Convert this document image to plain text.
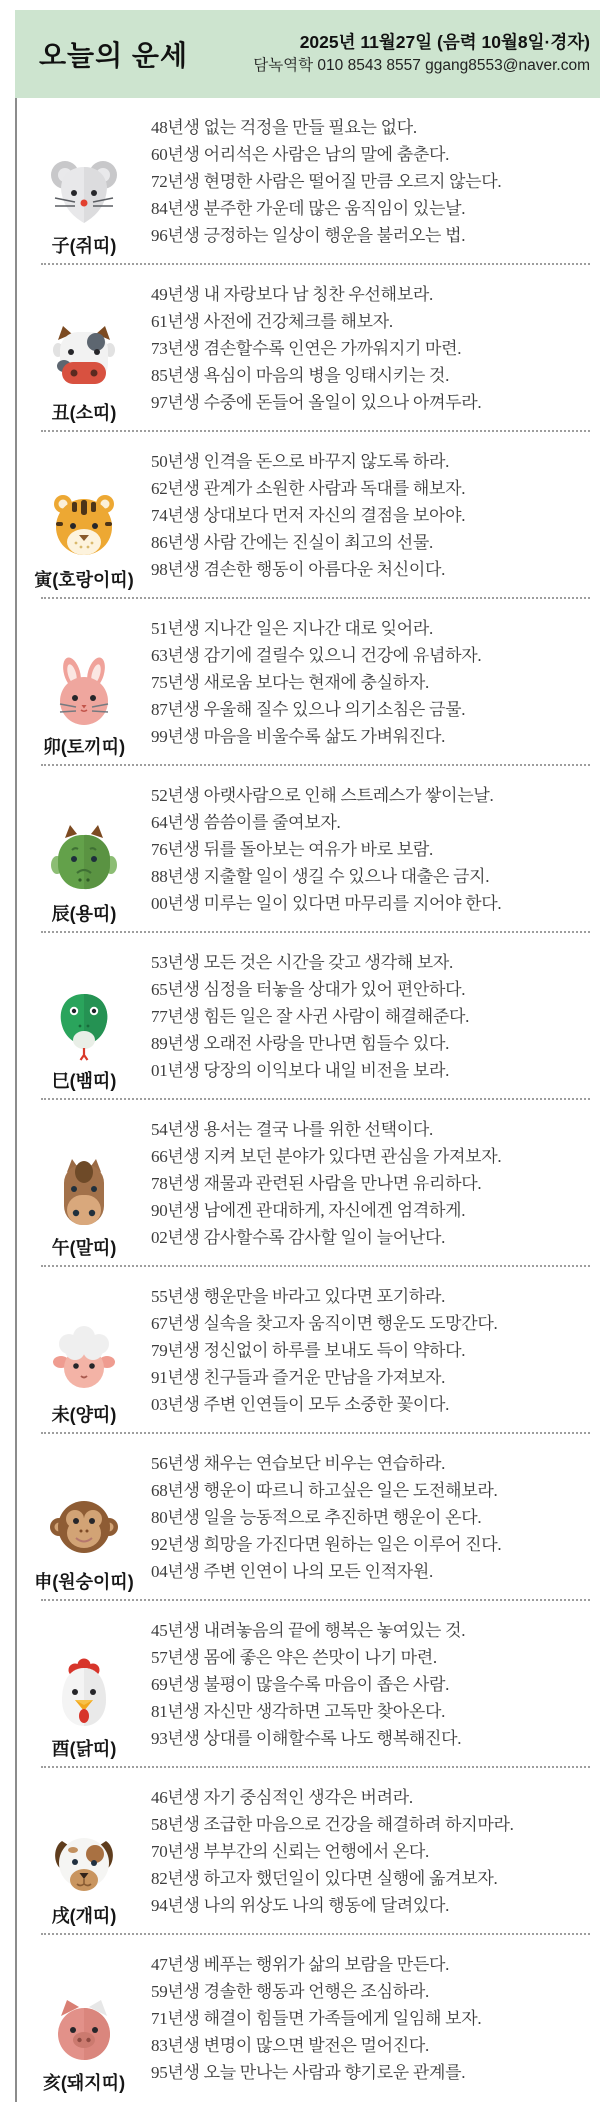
오늘의 운세	2025년 11월27일 (음력 10월8일·경자)
담녹역학 010 8543 8557 ggang8553@naver.com
子(쥐띠)

48년생 없는 걱정을 만들 필요는 없다.

60년생 어리석은 사람은 남의 말에 춤춘다.

72년생 현명한 사람은 떨어질 만큼 오르지 않는다.

84년생 분주한 가운데 많은 움직임이 있는날.

96년생 긍정하는 일상이 행운을 불러오는 법.

丑(소띠)

49년생 내 자랑보다 남 칭찬 우선해보라.

61년생 사전에 건강체크를 해보자.

73년생 겸손할수록 인연은 가까워지기 마련.

85년생 욕심이 마음의 병을 잉태시키는 것.

97년생 수중에 돈들어 올일이 있으나 아껴두라.

寅(호랑이띠)

50년생 인격을 돈으로 바꾸지 않도록 하라.

62년생 관계가 소원한 사람과 독대를 해보자.

74년생 상대보다 먼저 자신의 결점을 보아야.

86년생 사람 간에는 진실이 최고의 선물.

98년생 겸손한 행동이 아름다운 처신이다.

卯(토끼띠)

51년생 지나간 일은 지나간 대로 잊어라.

63년생 감기에 걸릴수 있으니 건강에 유념하자.

75년생 새로움 보다는 현재에 충실하자.

87년생 우울해 질수 있으나 의기소침은 금물.

99년생 마음을 비울수록 삶도 가벼워진다.

辰(용띠)

52년생 아랫사람으로 인해 스트레스가 쌓이는날.

64년생 씀씀이를 줄여보자.

76년생 뒤를 돌아보는 여유가 바로 보람.

88년생 지출할 일이 생길 수 있으나 대출은 금지.

00년생 미루는 일이 있다면 마무리를 지어야 한다.

巳(뱀띠)

53년생 모든 것은 시간을 갖고 생각해 보자.

65년생 심정을 터놓을 상대가 있어 편안하다.

77년생 힘든 일은 잘 사귄 사람이 해결해준다.

89년생 오래전 사랑을 만나면 힘들수 있다.

01년생 당장의 이익보다 내일 비전을 보라.

午(말띠)

54년생 용서는 결국 나를 위한 선택이다.

66년생 지켜 보던 분야가 있다면 관심을 가져보자.

78년생 재물과 관련된 사람을 만나면 유리하다.

90년생 남에겐 관대하게, 자신에겐 엄격하게.

02년생 감사할수록 감사할 일이 늘어난다.

未(양띠)

55년생 행운만을 바라고 있다면 포기하라.

67년생 실속을 찾고자 움직이면 행운도 도망간다.

79년생 정신없이 하루를 보내도 득이 약하다.

91년생 친구들과 즐거운 만남을 가져보자.

03년생 주변 인연들이 모두 소중한 꽃이다.

申(원숭이띠)

56년생 채우는 연습보단 비우는 연습하라.

68년생 행운이 따르니 하고싶은 일은 도전해보라.

80년생 일을 능동적으로 추진하면 행운이 온다.

92년생 희망을 가진다면 원하는 일은 이루어 진다.

04년생 주변 인연이 나의 모든 인적자원.

酉(닭띠)

45년생 내려놓음의 끝에 행복은 놓여있는 것.

57년생 몸에 좋은 약은 쓴맛이 나기 마련.

69년생 불평이 많을수록 마음이 좁은 사람.

81년생 자신만 생각하면 고독만 찾아온다.

93년생 상대를 이해할수록 나도 행복해진다.

戌(개띠)

46년생 자기 중심적인 생각은 버려라.

58년생 조급한 마음으로 건강을 해결하려 하지마라.

70년생 부부간의 신뢰는 언행에서 온다.

82년생 하고자 했던일이 있다면 실행에 옮겨보자.

94년생 나의 위상도 나의 행동에 달려있다.

亥(돼지띠)

47년생 베푸는 행위가 삶의 보람을 만든다.

59년생 경솔한 행동과 언행은 조심하라.

71년생 해결이 힘들면 가족들에게 일임해 보자.

83년생 변명이 많으면 발전은 멀어진다.

95년생 오늘 만나는 사람과 향기로운 관계를.
